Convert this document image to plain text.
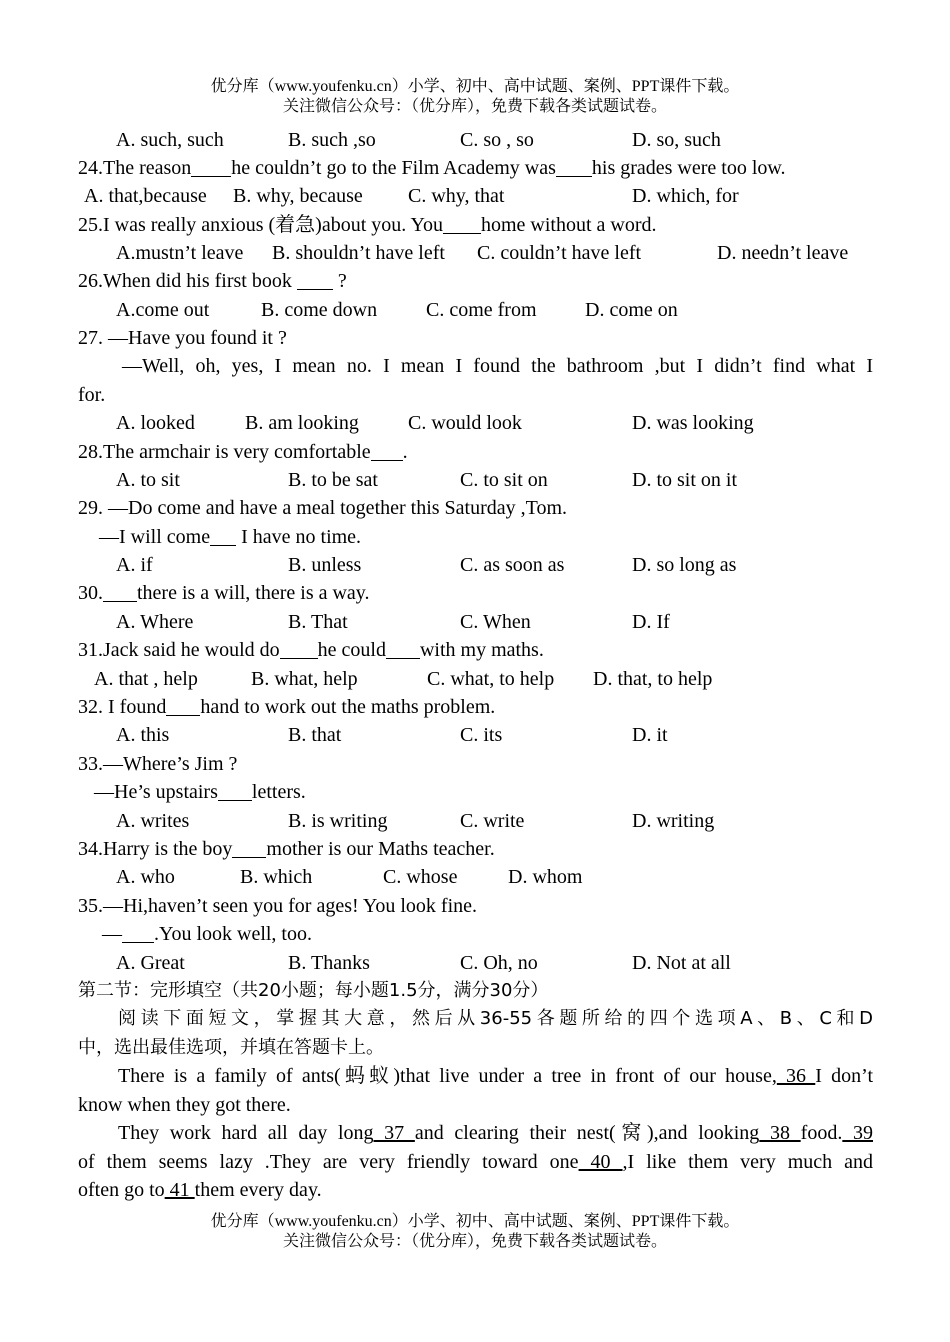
优分库（www.youfenku.cn）小学、初中、高中试题、案例、PPT课件下载。
关注微信公众号：（优分库），免费下载各类试题试卷。
A. such, such	B. such ,so	C. so , so	D. so, such
24.The reason he couldn’t go to the Film Academy was his grades were too low.
A. that,because B. why, because C. why, that	D. which, for
25.I was really anxious (着急)about you. You home without a word.
A.mustn’t leave B. shouldn’t have left C. couldn’t have left	D. needn’t leave
26.When did his first book  ?
A.come out	B. come down C. come from D. come on
27. —Have you found it ?
—Well, oh, yes, I mean no. I mean I found the bathroom ,but I didn’t find what I
for.
A. looked	B. am looking C. would look	D. was looking
28.The armchair is very comfortable .
A. to sit	B. to be sat	C. to sit on	D. to sit on it
29. —Do come and have a meal together this Saturday ,Tom.
—I will come I have no time.
A. if	B. unless	C. as soon as	D. so long as
30. there is a will, there is a way.
A. Where	B. That	C. When	D. If
31.Jack said he would do he could with my maths.
A. that , help	B. what, help	C. what, to help D. that, to help
32. I found hand to work out the maths problem.
A. this	B. that	C. its	D. it
33.—Where’s Jim ?
—He’s upstairs letters.
A. writes	B. is writing	C. write	D. writing
34.Harry is the boy mother is our Maths teacher.
A. who	B. which	C. whose	D. whom
35.—Hi,haven’t seen you for ages! You look fine.
— .You look well, too.
A. Great	B. Thanks	C. Oh, no	D. Not at all
第二节：完形填空（共20小题；每小题1.5分，满分30分）
阅读下面短文，掌握其大意，然后从36-55各题所给的四个选项A、B、C和D
中，选出最佳选项，并填在答题卡上。
There is a family of ants(蚂蚁)that live under a tree in front of our house, 36 I don’t
know when they got there.
They work hard all day long 37 and clearing their nest(窝),and looking 38 food. 39
of them seems lazy .They are very friendly toward one 40 ,I like them very much and
often go to 41 them every day.
优分库（www.youfenku.cn）小学、初中、高中试题、案例、PPT课件下载。
关注微信公众号：（优分库），免费下载各类试题试卷。
